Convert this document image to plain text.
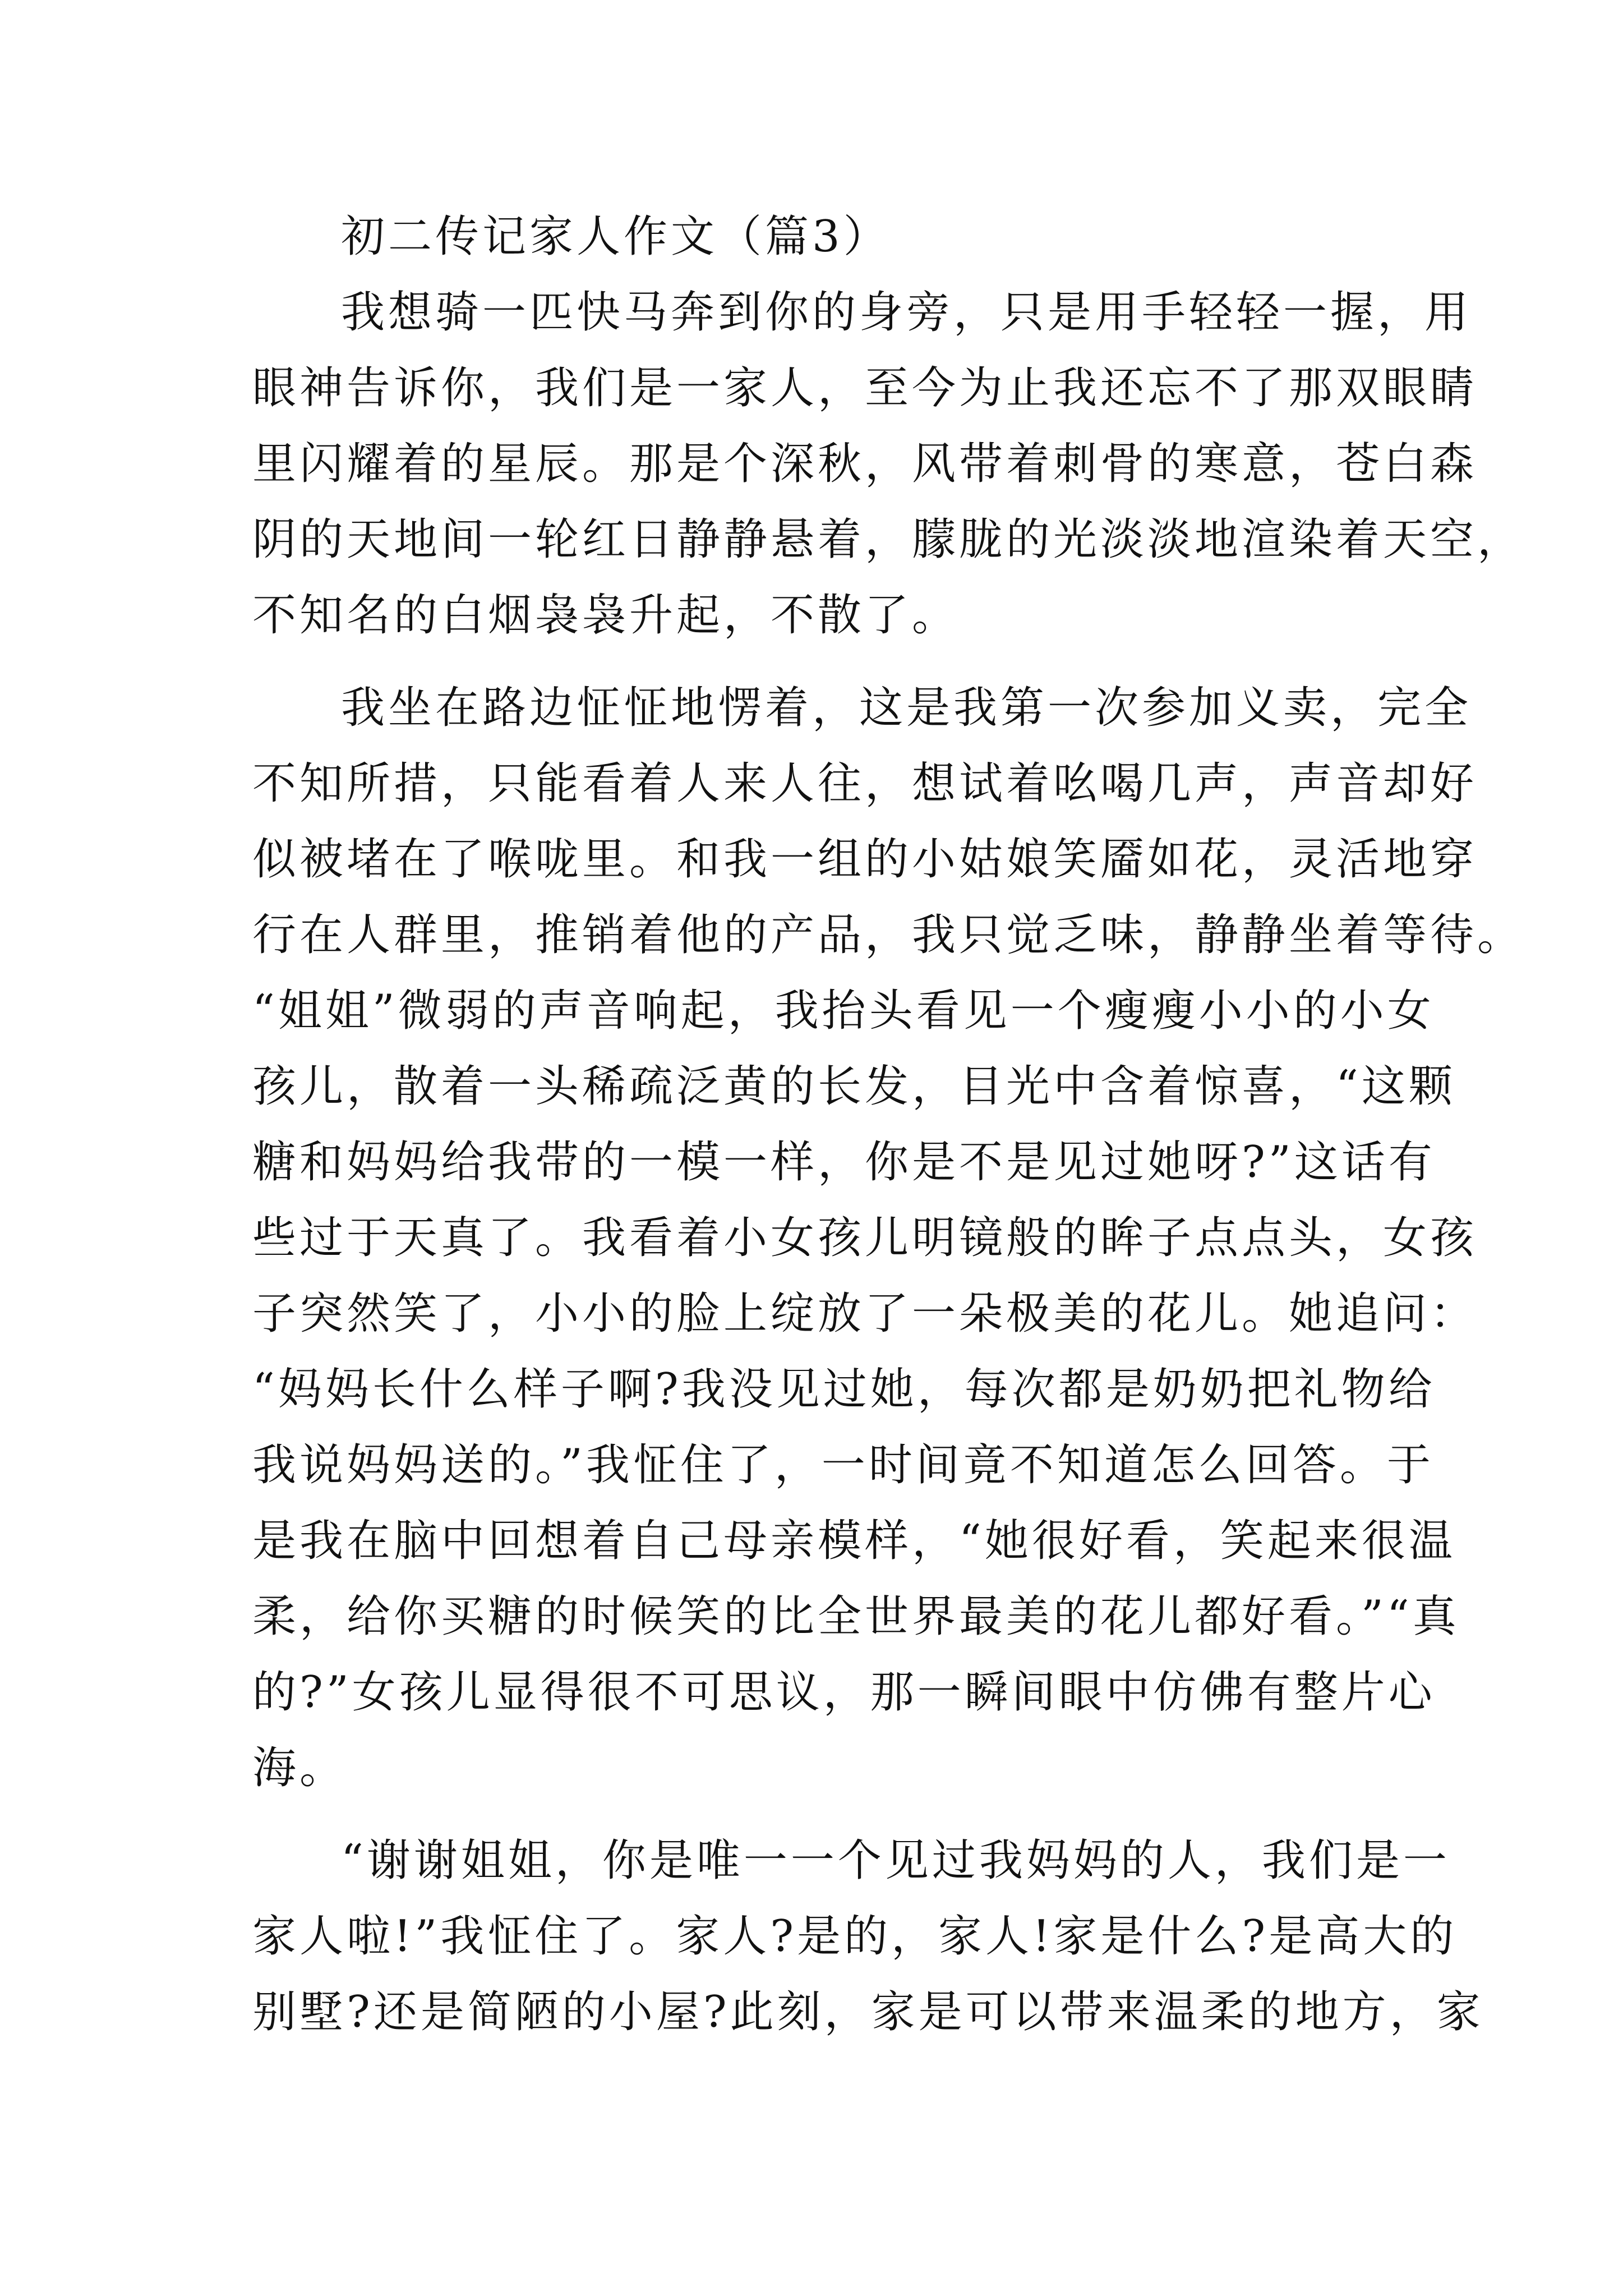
初二传记家人作文（篇3）
我想骑一匹快马奔到你的身旁，只是用手轻轻一握，用
眼神告诉你，我们是一家人，至今为止我还忘不了那双眼睛
里闪耀着的星辰。那是个深秋，风带着刺骨的寒意，苍白森
阴的天地间一轮红日静静悬着，朦胧的光淡淡地渲染着天空，
不知名的白烟袅袅升起，不散了。
我坐在路边怔怔地愣着，这是我第一次参加义卖，完全
不知所措，只能看着人来人往，想试着吆喝几声，声音却好
似被堵在了喉咙里。和我一组的小姑娘笑靥如花，灵活地穿
行在人群里，推销着他的产品，我只觉乏味，静静坐着等待。
“姐姐”微弱的声音响起，我抬头看见一个瘦瘦小小的小女
孩儿，散着一头稀疏泛黄的长发，目光中含着惊喜，“这颗
糖和妈妈给我带的一模一样，你是不是见过她呀?”这话有
些过于天真了。我看着小女孩儿明镜般的眸子点点头，女孩
子突然笑了，小小的脸上绽放了一朵极美的花儿。她追问：
“妈妈长什么样子啊?我没见过她，每次都是奶奶把礼物给
我说妈妈送的。”我怔住了，一时间竟不知道怎么回答。于
是我在脑中回想着自己母亲模样，“她很好看，笑起来很温
柔，给你买糖的时候笑的比全世界最美的花儿都好看。”“真
的?”女孩儿显得很不可思议，那一瞬间眼中仿佛有整片心
海。
“谢谢姐姐，你是唯一一个见过我妈妈的人，我们是一
家人啦!”我怔住了。家人?是的，家人!家是什么?是高大的
别墅?还是简陋的小屋?此刻，家是可以带来温柔的地方，家
